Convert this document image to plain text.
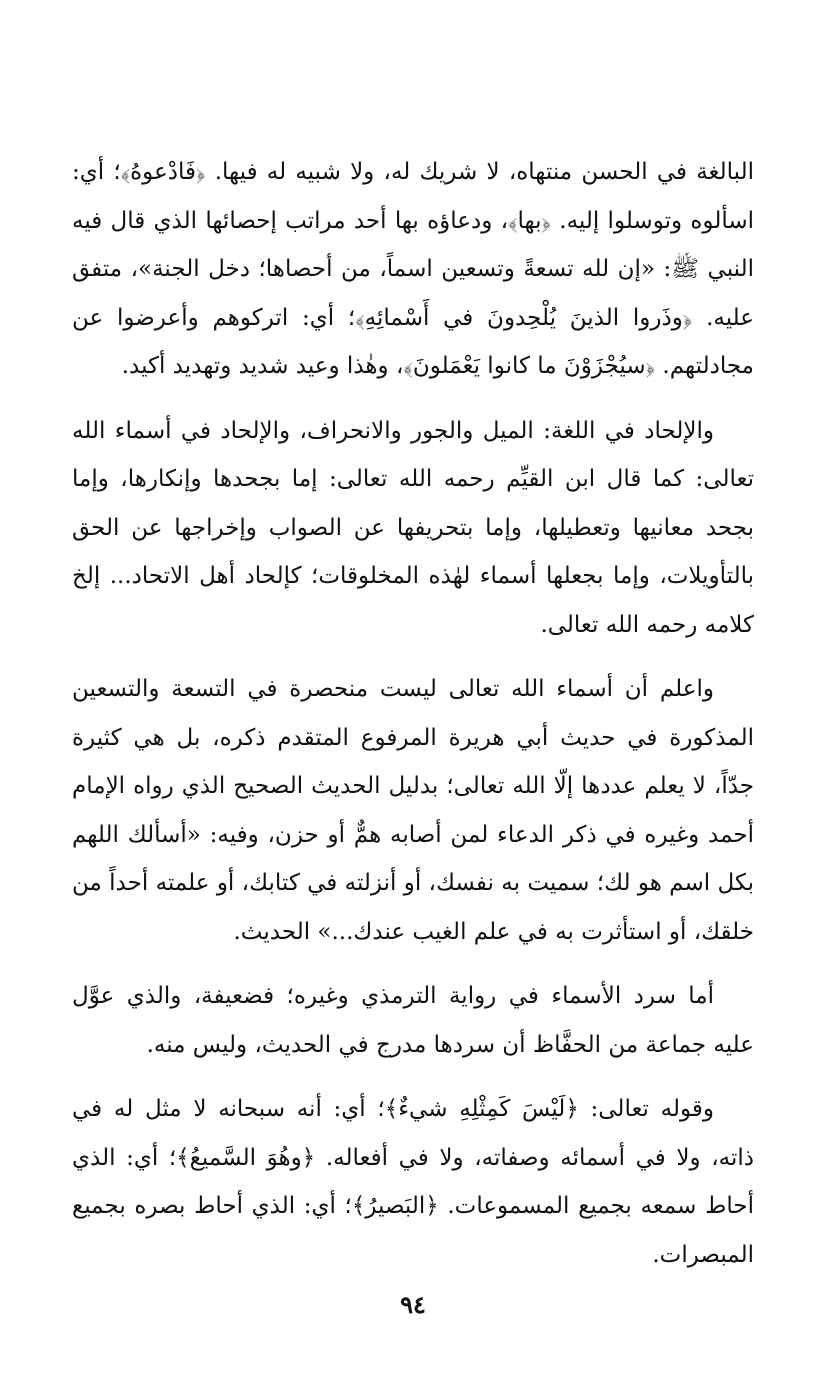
البالغة في الحسن منتهاه، لا شريك له، ولا شبيه له فيها. ﴿فَادْعوهُ﴾؛ أي: اسألوه وتوسلوا إليه. ﴿بها﴾، ودعاؤه بها أحد مراتب إحصائها الذي قال فيه النبي ﷺ: «إن لله تسعةً وتسعين اسماً، من أحصاها؛ دخل الجنة»، متفق عليه. ﴿وذَروا الذينَ يُلْحِدونَ في أَسْمائِهِ﴾؛ أي: اتركوهم وأعرضوا عن مجادلتهم. ﴿سيُجْزَوْنَ ما كانوا يَعْمَلونَ﴾، وهٰذا وعيد شديد وتهديد أكيد.

والإلحاد في اللغة: الميل والجور والانحراف، والإلحاد في أسماء الله تعالى: كما قال ابن القيِّم رحمه الله تعالى: إما بجحدها وإنكارها، وإما بجحد معانيها وتعطيلها، وإما بتحريفها عن الصواب وإخراجها عن الحق بالتأويلات، وإما بجعلها أسماء لهٰذه المخلوقات؛ كإلحاد أهل الاتحاد... إلخ كلامه رحمه الله تعالى.

واعلم أن أسماء الله تعالى ليست منحصرة في التسعة والتسعين المذكورة في حديث أبي هريرة المرفوع المتقدم ذكره، بل هي كثيرة جدّاً، لا يعلم عددها إلّا الله تعالى؛ بدليل الحديث الصحيح الذي رواه الإمام أحمد وغيره في ذكر الدعاء لمن أصابه همٌّ أو حزن، وفيه: «أسألك اللهم بكل اسم هو لك؛ سميت به نفسك، أو أنزلته في كتابك، أو علمته أحداً من خلقك، أو استأثرت به في علم الغيب عندك...» الحديث.

أما سرد الأسماء في رواية الترمذي وغيره؛ فضعيفة، والذي عوَّل عليه جماعة من الحفَّاظ أن سردها مدرج في الحديث، وليس منه.

وقوله تعالى: ﴿لَيْسَ كَمِثْلِهِ شيءٌ﴾؛ أي: أنه سبحانه لا مثل له في ذاته، ولا في أسمائه وصفاته، ولا في أفعاله. ﴿وهُوَ السَّميعُ﴾؛ أي: الذي أحاط سمعه بجميع المسموعات. ﴿البَصيرُ﴾؛ أي: الذي أحاط بصره بجميع المبصرات.

٩٤
